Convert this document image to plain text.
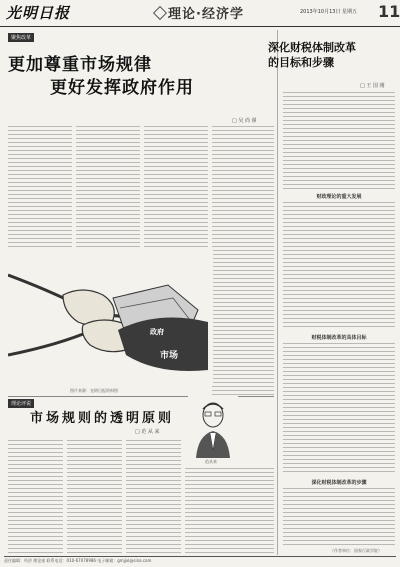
光明日报	理论·经济学	2013年10月13日 星期五 11
聚焦改革
更加尊重市场规律
更好发挥政府作用
□ 吴 尚 谨
政府
市场
图片来源：光明日报资料图
深化财税体制改革
的目标和步骤
□ 王 国 刚
财政理论的重大发展
财税体制改革的具体目标
深化财税体制改革的步骤
（作者单位：国家行政学院）
理论评说
市场规则的透明原则
□ 范 从 来
范从来
责任编辑：经济 理论部 联系电话：010-67078986 电子邮箱：gmjjxl@sina.com
